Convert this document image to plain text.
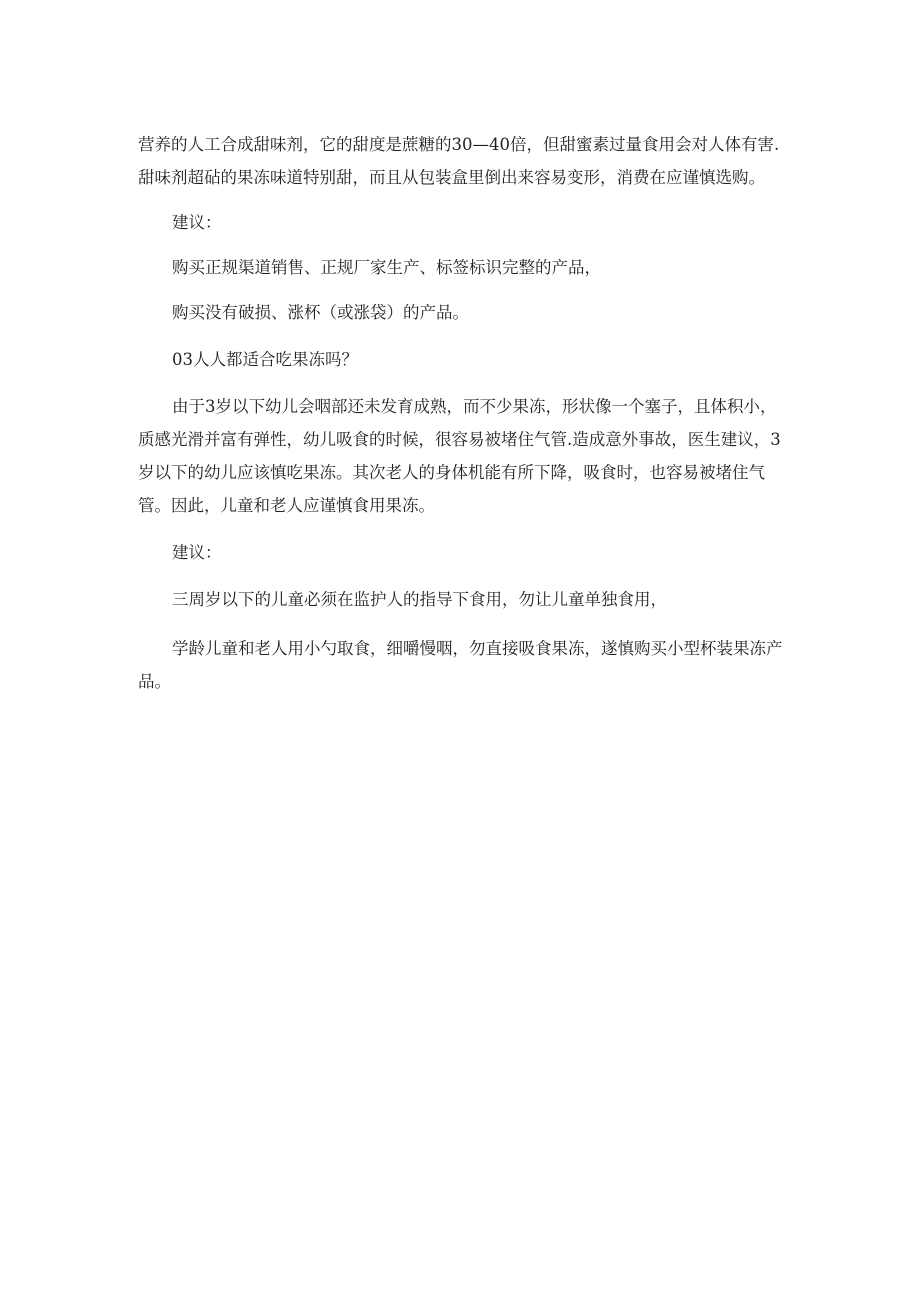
营养的人工合成甜味剂，它的甜度是蔗糖的30—40倍，但甜蜜素过量食用会对人体有害.甜味剂超砧的果冻味道特别甜，而且从包装盒里倒出来容易变形，消费在应谨慎选购。

建议：

购买正规渠道销售、正规厂家生产、标签标识完整的产品，

购买没有破损、涨杯（或涨袋）的产品。

03人人都适合吃果冻吗？

由于3岁以下幼儿会咽部还未发育成熟，而不少果冻，形状像一个塞子，且体积小，质感光滑并富有弹性，幼儿吸食的时候，很容易被堵住气管.造成意外事故，医生建议，3岁以下的幼儿应该慎吃果冻。其次老人的身体机能有所下降，吸食时，也容易被堵住气管。因此，儿童和老人应谨慎食用果冻。

建议：

三周岁以下的儿童必须在监护人的指导下食用，勿让儿童单独食用，

学龄儿童和老人用小勺取食，细嚼慢咽，勿直接吸食果冻，遂慎购买小型杯装果冻产品。
